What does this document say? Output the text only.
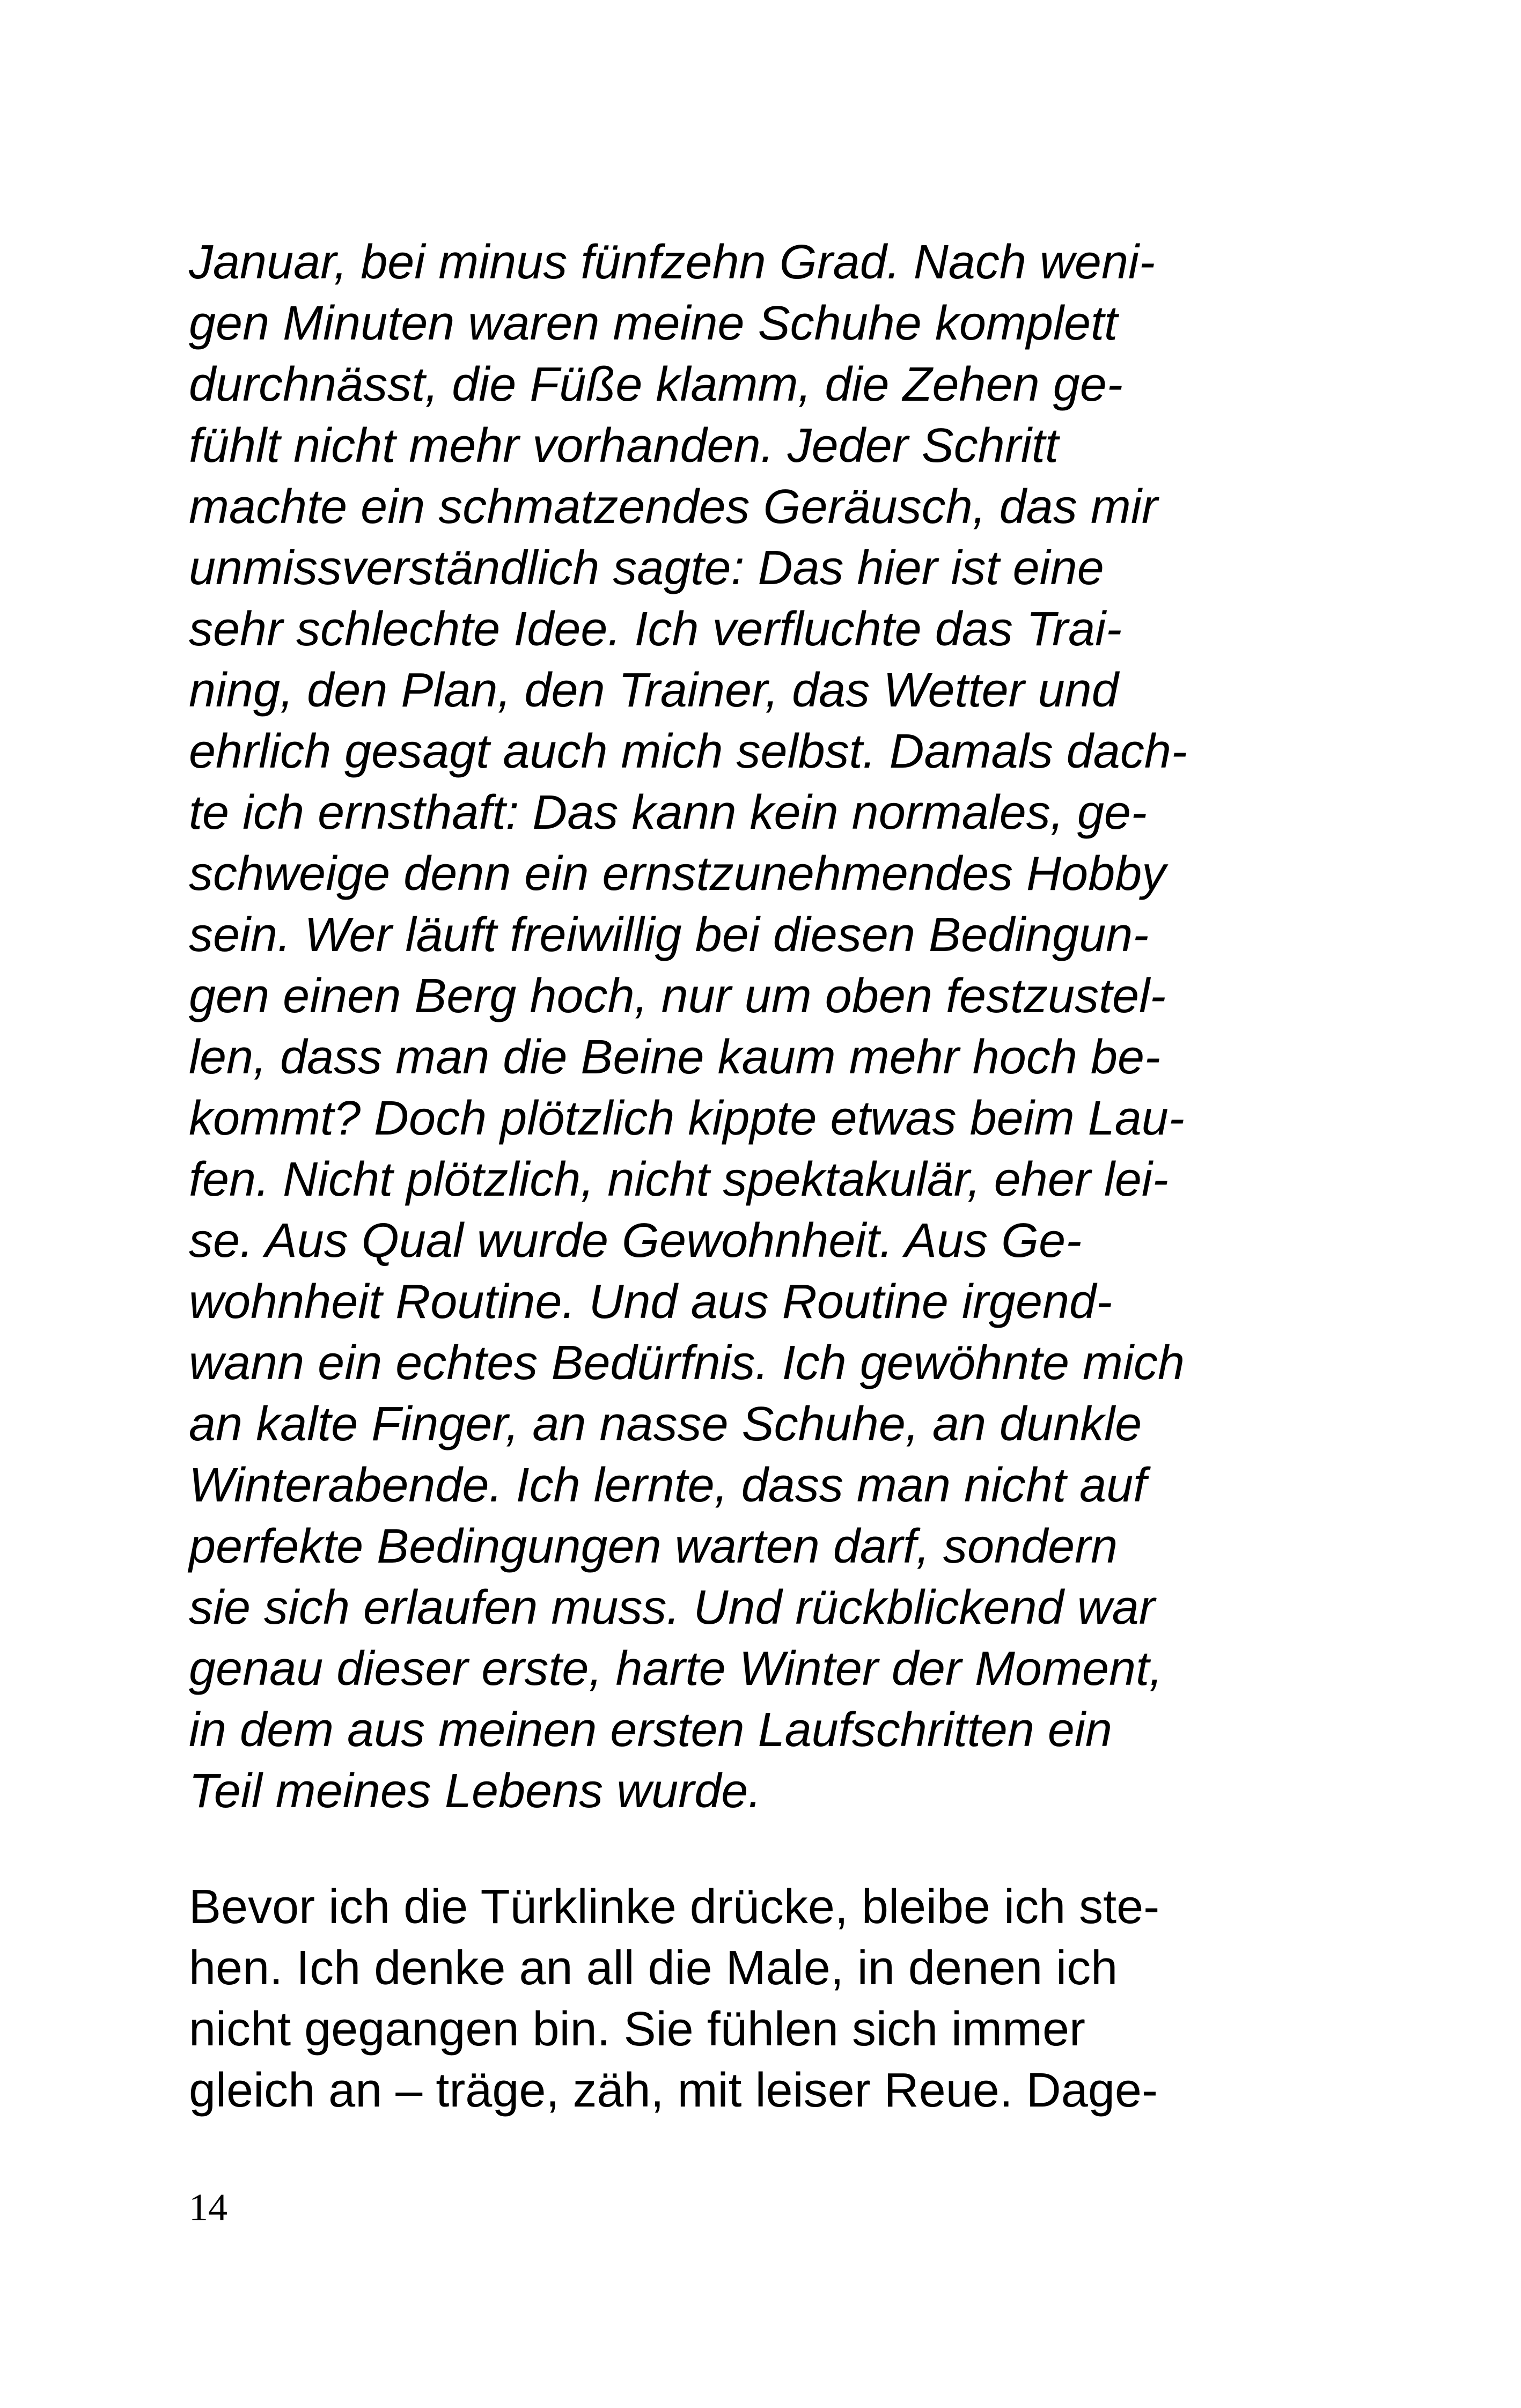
Januar, bei minus fünfzehn Grad. Nach weni-
gen Minuten waren meine Schuhe komplett
durchnässt, die Füße klamm, die Zehen ge-
fühlt nicht mehr vorhanden. Jeder Schritt
machte ein schmatzendes Geräusch, das mir
unmissverständlich sagte: Das hier ist eine
sehr schlechte Idee. Ich verfluchte das Trai-
ning, den Plan, den Trainer, das Wetter und
ehrlich gesagt auch mich selbst. Damals dach-
te ich ernsthaft: Das kann kein normales, ge-
schweige denn ein ernstzunehmendes Hobby
sein. Wer läuft freiwillig bei diesen Bedingun-
gen einen Berg hoch, nur um oben festzustel-
len, dass man die Beine kaum mehr hoch be-
kommt? Doch plötzlich kippte etwas beim Lau-
fen. Nicht plötzlich, nicht spektakulär, eher lei-
se. Aus Qual wurde Gewohnheit. Aus Ge-
wohnheit Routine. Und aus Routine irgend-
wann ein echtes Bedürfnis. Ich gewöhnte mich
an kalte Finger, an nasse Schuhe, an dunkle
Winterabende. Ich lernte, dass man nicht auf
perfekte Bedingungen warten darf, sondern
sie sich erlaufen muss. Und rückblickend war
genau dieser erste, harte Winter der Moment,
in dem aus meinen ersten Laufschritten ein
Teil meines Lebens wurde.

Bevor ich die Türklinke drücke, bleibe ich ste-
hen. Ich denke an all die Male, in denen ich
nicht gegangen bin. Sie fühlen sich immer
gleich an – träge, zäh, mit leiser Reue. Dage-

14
